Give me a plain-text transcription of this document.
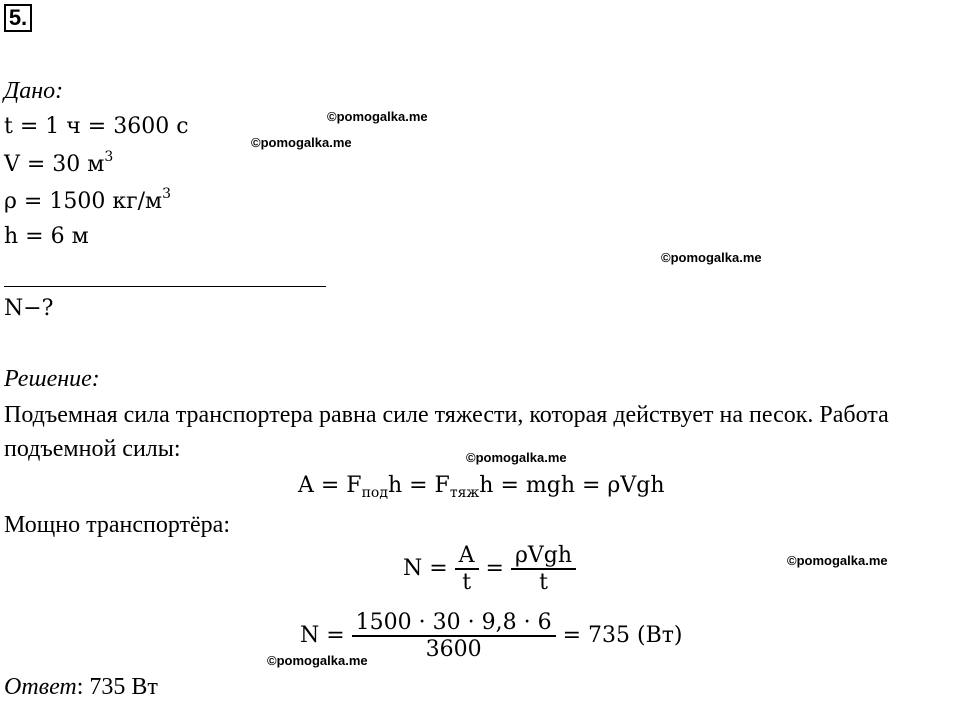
5.
Дано:
t = 1 ч = 3600 с
V = 30 $м^3$
ρ = 1500 $кг/м^3$
h = 6 м
N−?
Решение:
Подъемная сила транспортера равна силе тяжести, которая действует на песок. Работа
подъемной силы:
$A = F_{под}h = F_{тяж}h$ = mgh = ρVgh
Мощно транспортёра:
$N = \frac{A}{t} = \frac{\text{ρVgh}}{t}$
$N = \frac{1500 \cdot 30 \cdot 9,8 \cdot 6}{3600} = 735$ (Вт)
Ответ: 735 Вт
©pomogalka.me
©pomogalka.me
©pomogalka.me
©pomogalka.me
©pomogalka.me
©pomogalka.me
